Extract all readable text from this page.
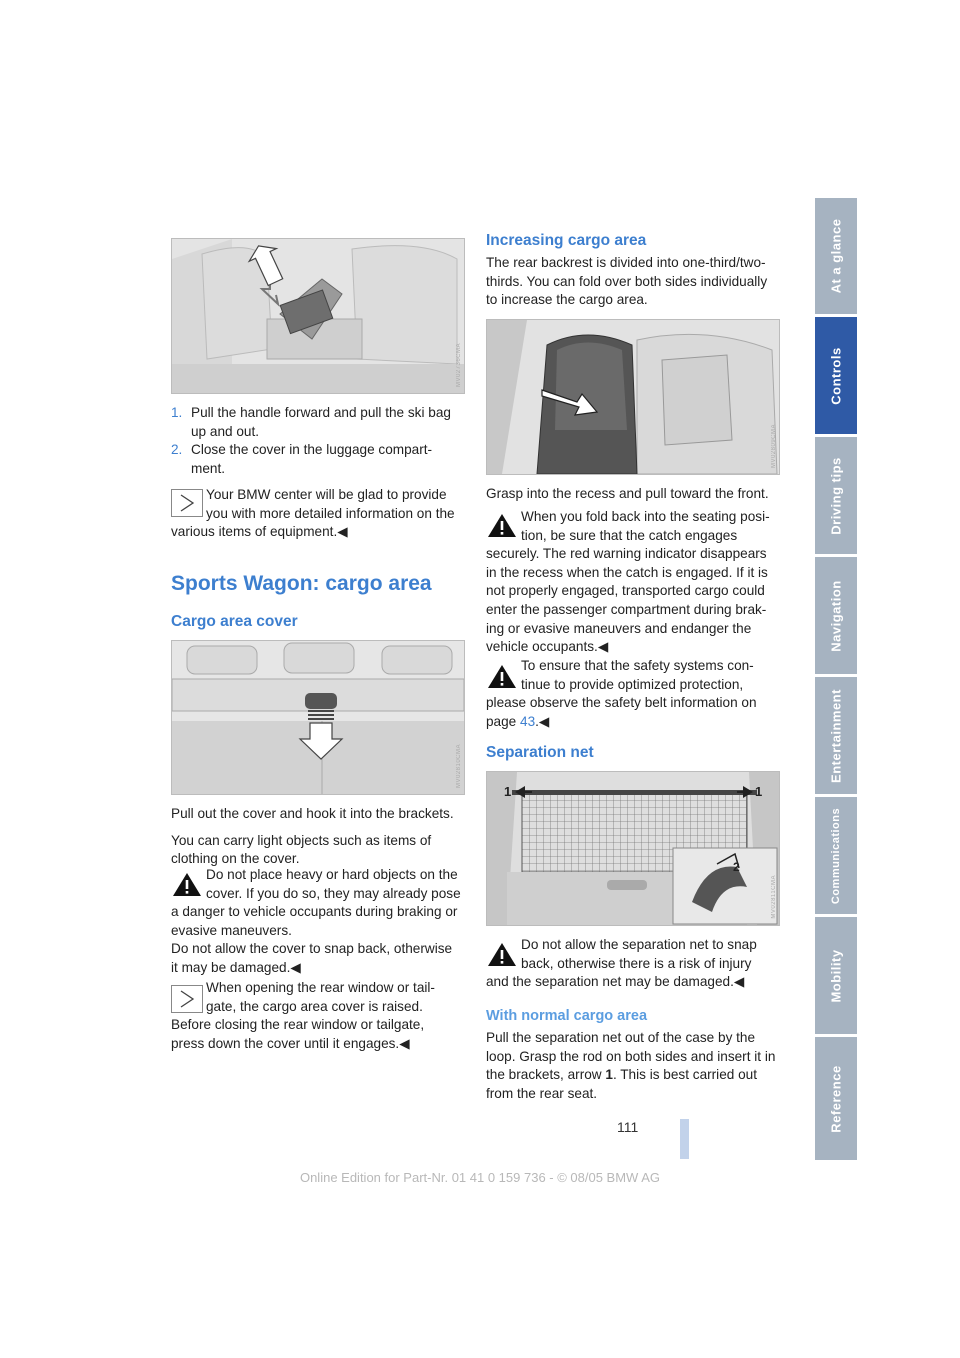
MV02736CMA

1. Pull the handle forward and pull the ski bag

up and out.

2. Close the cover in the luggage compart-

ment.

Your BMW center will be glad to provide

you with more detailed information on the

various items of equipment.◀

Sports Wagon: cargo area
Cargo area cover
MV02810CMA

Pull out the cover and hook it into the brackets.

You can carry light objects such as items of

clothing on the cover.

Do not place heavy or hard objects on the

cover. If you do so, they may already pose

a danger to vehicle occupants during braking or

evasive maneuvers.

Do not allow the cover to snap back, otherwise

it may be damaged.◀

When opening the rear window or tail-

gate, the cargo area cover is raised.

Before closing the rear window or tailgate,

press down the cover until it engages.◀

Increasing cargo area

The rear backrest is divided into one-third/two-

thirds. You can fold over both sides individually

to increase the cargo area.

MV02809CMA
Grasp into the recess and pull toward the front.

When you fold back into the seating posi-

tion, be sure that the catch engages

securely. The red warning indicator disappears

in the recess when the catch is engaged. If it is

not properly engaged, transported cargo could

enter the passenger compartment during brak-

ing or evasive maneuvers and endanger the

vehicle occupants.◀

To ensure that the safety systems con-

tinue to provide optimized protection,

please observe the safety belt information on

page 43.◀

Separation net
1	1
2
MV02811CMA

Do not allow the separation net to snap

back, otherwise there is a risk of injury

and the separation net may be damaged.◀

With normal cargo area

Pull the separation net out of the case by the

loop. Grasp the rod on both sides and insert it in

the brackets, arrow 1. This is best carried out

from the rear seat.

At a glance
Controls
Driving tips
Navigation
Entertainment
Communications
Mobility
Reference
111
Online Edition for Part-Nr. 01 41 0 159 736 - © 08/05 BMW AG
